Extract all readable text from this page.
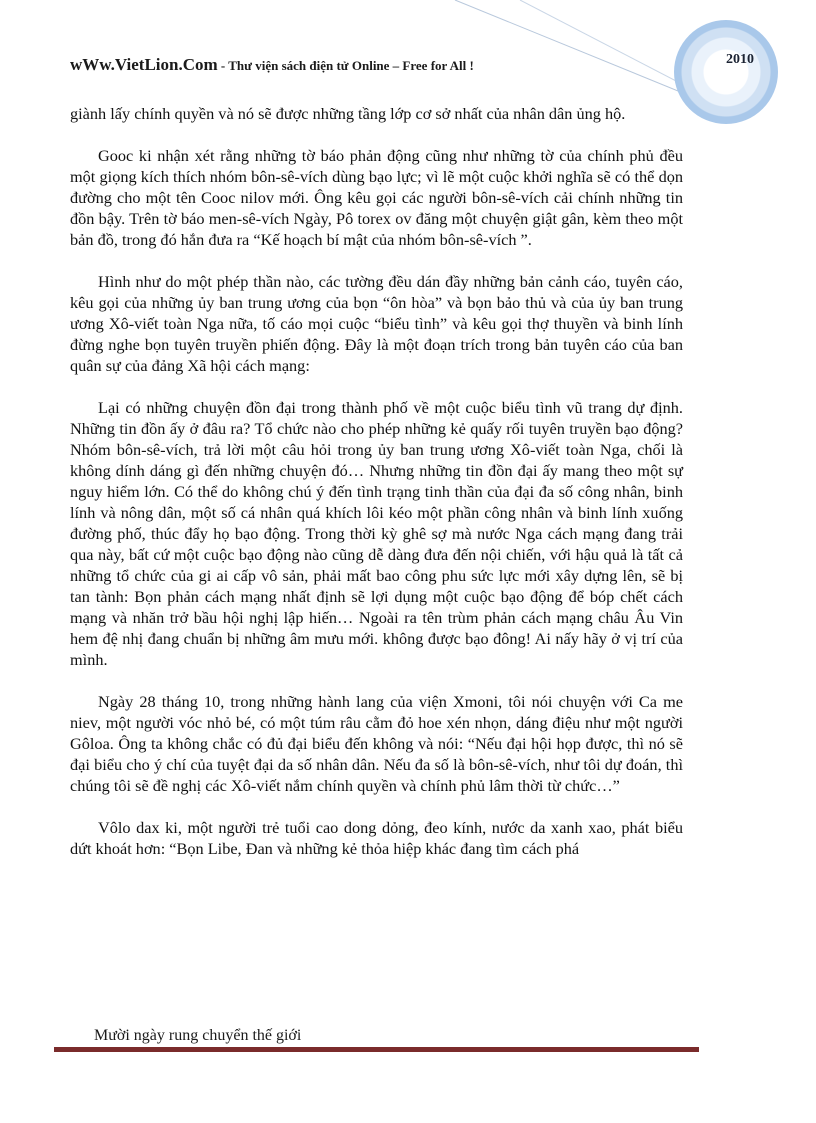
2010
wWw.VietLion.Com - Thư viện sách điện tử Online – Free for All !

giành lấy chính quyền và nó sẽ được những tầng lớp cơ sở nhất của nhân dân ủng hộ.

Gooc ki nhận xét rằng những tờ báo phản động cũng như những tờ của chính phủ đều một giọng kích thích nhóm bôn-sê-vích dùng bạo lực; vì lẽ một cuộc khởi nghĩa sẽ có thể dọn đường cho một tên Cooc nilov mới. Ông kêu gọi các người bôn-sê-vích cải chính những tin đồn bậy. Trên tờ báo men-sê-vích Ngày, Pô torex ov đăng một chuyện giật gân, kèm theo một bản đồ, trong đó hắn đưa ra “Kế hoạch bí mật của nhóm bôn-sê-vích ”.

Hình như do một phép thần nào, các tường đều dán đầy những bản cảnh cáo, tuyên cáo, kêu gọi của những ủy ban trung ương của bọn “ôn hòa” và bọn bảo thủ và của ủy ban trung ương Xô-viết toàn Nga nữa, tố cáo mọi cuộc “biểu tình” và kêu gọi thợ thuyền và binh lính đừng nghe bọn tuyên truyền phiến động. Đây là một đoạn trích trong bản tuyên cáo của ban quân sự của đảng Xã hội cách mạng:

Lại có những chuyện đồn đại trong thành phố về một cuộc biểu tình vũ trang dự định. Những tin đồn ấy ở đâu ra? Tổ chức nào cho phép những kẻ quấy rối tuyên truyền bạo động? Nhóm bôn-sê-vích, trả lời một câu hỏi trong ủy ban trung ương Xô-viết toàn Nga, chối là không dính dáng gì đến những chuyện đó… Nhưng những tin đồn đại ấy mang theo một sự nguy hiểm lớn. Có thể do không chú ý đến tình trạng tinh thần của đại đa số công nhân, binh lính và nông dân, một số cá nhân quá khích lôi kéo một phần công nhân và binh lính xuống đường phố, thúc đẩy họ bạo động. Trong thời kỳ ghê sợ mà nước Nga cách mạng đang trải qua này, bất cứ một cuộc bạo động nào cũng dễ dàng đưa đến nội chiến, với hậu quả là tất cả những tổ chức của gi ai cấp vô sản, phải mất bao công phu sức lực mới xây dựng lên, sẽ bị tan tành: Bọn phản cách mạng nhất định sẽ lợi dụng một cuộc bạo động để bóp chết cách mạng và nhăn trở bầu hội nghị lập hiến… Ngoài ra tên trùm phản cách mạng châu Âu Vin hem đệ nhị đang chuẩn bị những âm mưu mới. không được bạo đông! Ai nấy hãy ở vị trí của mình.

Ngày 28 tháng 10, trong những hành lang của viện Xmoni, tôi nói chuyện với Ca me niev, một người vóc nhỏ bé, có một túm râu cằm đỏ hoe xén nhọn, dáng điệu như một người Gôloa. Ông ta không chắc có đủ đại biểu đến không và nói: “Nếu đại hội họp được, thì nó sẽ đại biểu cho ý chí của tuyệt đại da số nhân dân. Nếu đa số là bôn-sê-vích, như tôi dự đoán, thì chúng tôi sẽ đề nghị các Xô-viết nắm chính quyền và chính phủ lâm thời từ chức…”

Vôlo dax ki, một người trẻ tuổi cao dong dỏng, đeo kính, nước da xanh xao, phát biểu dứt khoát hơn: “Bọn Libe, Đan và những kẻ thỏa hiệp khác đang tìm cách phá

Mười ngày rung chuyển thế giới
